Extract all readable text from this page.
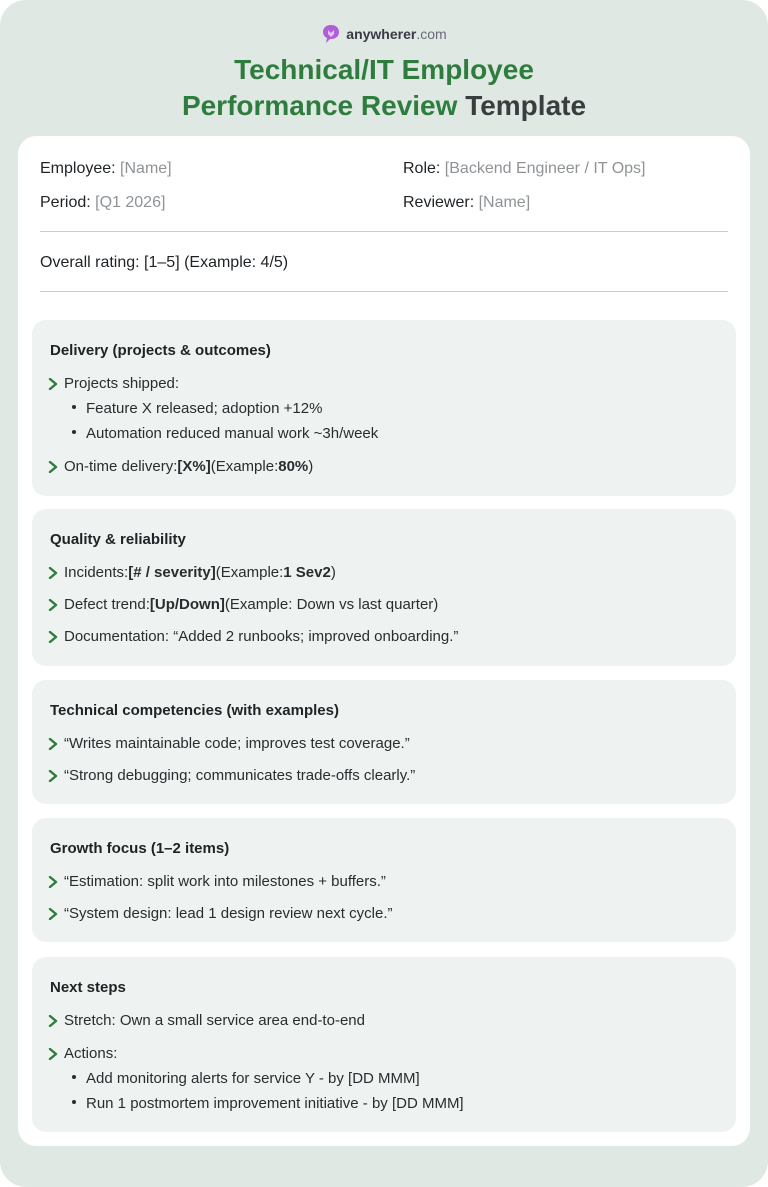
anywherer .com
Technical/IT Employee
Performance Review Template
Employee: [Name]	Role: [Backend Engineer / IT Ops]
Period: [Q1 2026]	Reviewer: [Name]
Overall rating: [1–5] (Example: 4/5)
Delivery (projects & outcomes)
Projects shipped:
Feature X released; adoption +12%
Automation reduced manual work ~3h/week
On-time delivery: [X%] (Example: 80% )
Quality & reliability
Incidents: [# / severity] (Example: 1 Sev2 )
Defect trend: [Up/Down] (Example: Down vs last quarter)
Documentation: “Added 2 runbooks; improved onboarding.”
Technical competencies (with examples)
“Writes maintainable code; improves test coverage.”
“Strong debugging; communicates trade-offs clearly.”
Growth focus (1–2 items)
“Estimation: split work into milestones + buffers.”
“System design: lead 1 design review next cycle.”
Next steps
Stretch: Own a small service area end-to-end
Actions:
Add monitoring alerts for service Y - by [DD MMM]
Run 1 postmortem improvement initiative - by [DD MMM]
